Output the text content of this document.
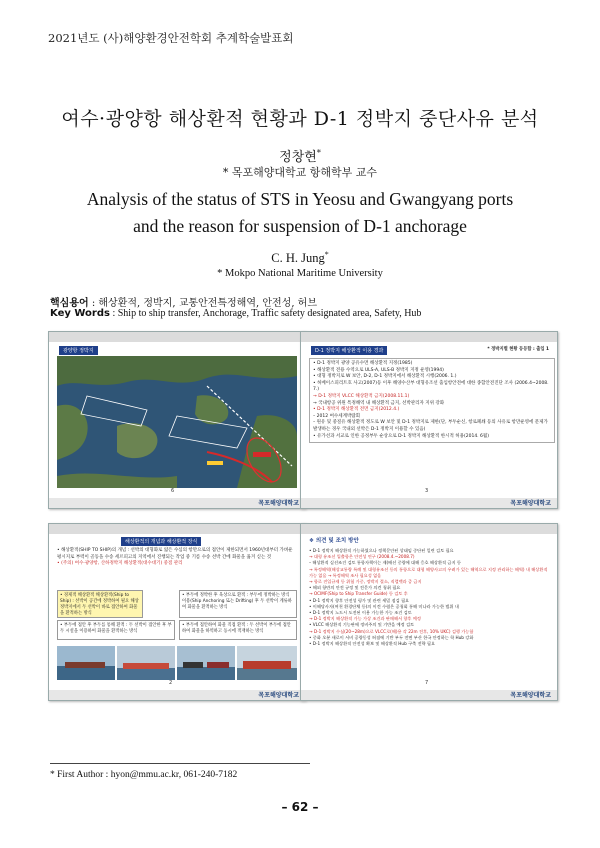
2021년도 (사)해양환경안전학회 추계학술발표회
여수·광양항 해상환적 현황과 D-1 정박지 중단사유 분석
정창현*
* 목포해양대학교 항해학부 교수
Analysis of the status of STS in Yeosu and Gwangyang ports
and the reason for suspension of D-1 anchorage
C. H. Jung*
* Mokpo National Maritime University
핵심용어 : 해상환적, 정박지, 교통안전특정해역, 안전성, 허브
Key Words : Ship to ship transfer, Anchorage, Traffic safety designated area, Safety, Hub
광양항 정박지
6
목포해양대학교
D-1 정박지 해상환적 이용 경과	* 정박지별 현황 등등함 : 출입 1
• D-1 정박지 광양 공유수면 해상환적 지정(1985)
• 해상환적 전용 수역으로 ULS-A, ULS-B 정박지 지정 운영(1994)
• 대형 정박지로 W 보안, D-2, D-1 정박지에서 해상환적 시행(2006. 1.)
• 허베이스피리트호 사고(2007)등 이후 해양수산부 대형유조선 출입항안전에 대한 종합안전진단 조사 (2006.4~2008. 7.)
→ D-1 정박지 VLCC 해상환적 금지(2008.11.1)
→ 국내항공 위원 특정해역 내 해상환적 금지, 선박관리자 지위 강화
• D-1 정박지 해상환적 전면 금지(2012.4.)
– 2012 여수세계박람회
– 원유 및 중질유 해상환적 정도로 W 보안 및 D-1 정박지로 제한(단, 부두순신, 항로폐쇄 등의 사유로 항만운영에 문제가 발생하는 경우 국내외 선박은 D-1 정박지 이용할 수 있음)
• 유가선과 서교로 인한 공정부두 순상으로 D-1 정박지 해상환적 한시적 허용(2014. 6월)
3
목포해양대학교
해상환적의 개념과 해상환적 장식
• 해상환적(SHIP TO SHIP)의 개념 : 선박의 대형화로 얇은 수심의 항만으로의 접안이 제한되면서 1960년대부터 가벼운 평시지로 부력이 골동을 수송 세르피고의 지역에서 진행되는 작업 중 기름 수송 선박 간에 화물을 옮겨 싣는 것
• (주의) 여수·광양항, 산하정박지 해상환적(대수대기) 중점 관리
• 경제적 해상환적 해상환적(Ship to Ship) : 선박이 공간에 정박하여 필요 해상 정박지에서 두 선박이 바로 접안하여 화물을 환적하는 방식
• 부두에 정박한 후 육상으로 환적 : 부두에 정박하는 방식 이용(Ship Anchoring 또는 Drifting) 후 두 선박이 계류하여 화물을 환적하는 방식
• 부두에 접안 후 부두를 통해 환적 : 두 선박이 접안한 후 부두 시설을 이용하여 화물을 환적하는 방식
• 부두에 접안하여 화물 직접 환적 : 두 선박이 부두에 접안하여 화물을 하역하고 동시에 적재하는 방식
2
목포해양대학교
❖ 의견 및 조치 방안
• D-1 정박지 해상환적 가능하였으나 정책문안된 상태임 중단된 일련 검토 필요
→ 대형 유조선 입출항은 안전성 연구 (2008.4.~2008.7)
– 해상환적 실선조건 검토 통항자책이는 제(배선 중량에 대해 응호 해상환적 금지 등
→ 특정해역(해상교통량 특례 및 대형유조선 등의 통항으로 대형 해양사고의 우려가 있는 해역으로 지정 관리하는 해역) 내 해상환적 가능 없음 → 특정해역 조사 필요성 없음
→ 항로 진입규제 등 위험 가중, 정박지 절소, 직렬뱃과 증 금지
• 해외 항만의 안전 규정 및 전문가 의견 청취 필요
→ OCIMF(Ship to Ship Transfer Guide) 등 검토 후
• D-1 정박지 향후 안전성 평가 및 관련 세밀 점검 필요
• 이해당사자(여천 환경단체 등)의 이견 수렴은 공청회 통해 미나라 가능한 범위 내
• D-1 정박지 노드시 도전된 이용 가능한 가능 조건 검토
→ D-1 정박지 해상환적 가능 가상 조건과 판매해서 향후 예정
• VLCC 해상환적 기능판에 정비주의 및 기반을 예정 검토
→ D-1 정박지 수심(20~28m)으로 VLCC로(해)용 각 22m 전후, 10% UKC) 검행 가능함
• 중화 오분 새로이 서비 공량동성 허점에 기반 부두 전면 부산 한국 안정하는 학 Hub 강화
• D-1 정박지 해상환적 안전성 확보 및 해상환적 Hub 구축 전략 필요
7
목포해양대학교
* First Author : hyon@mmu.ac.kr, 061-240-7182
– 62 –
